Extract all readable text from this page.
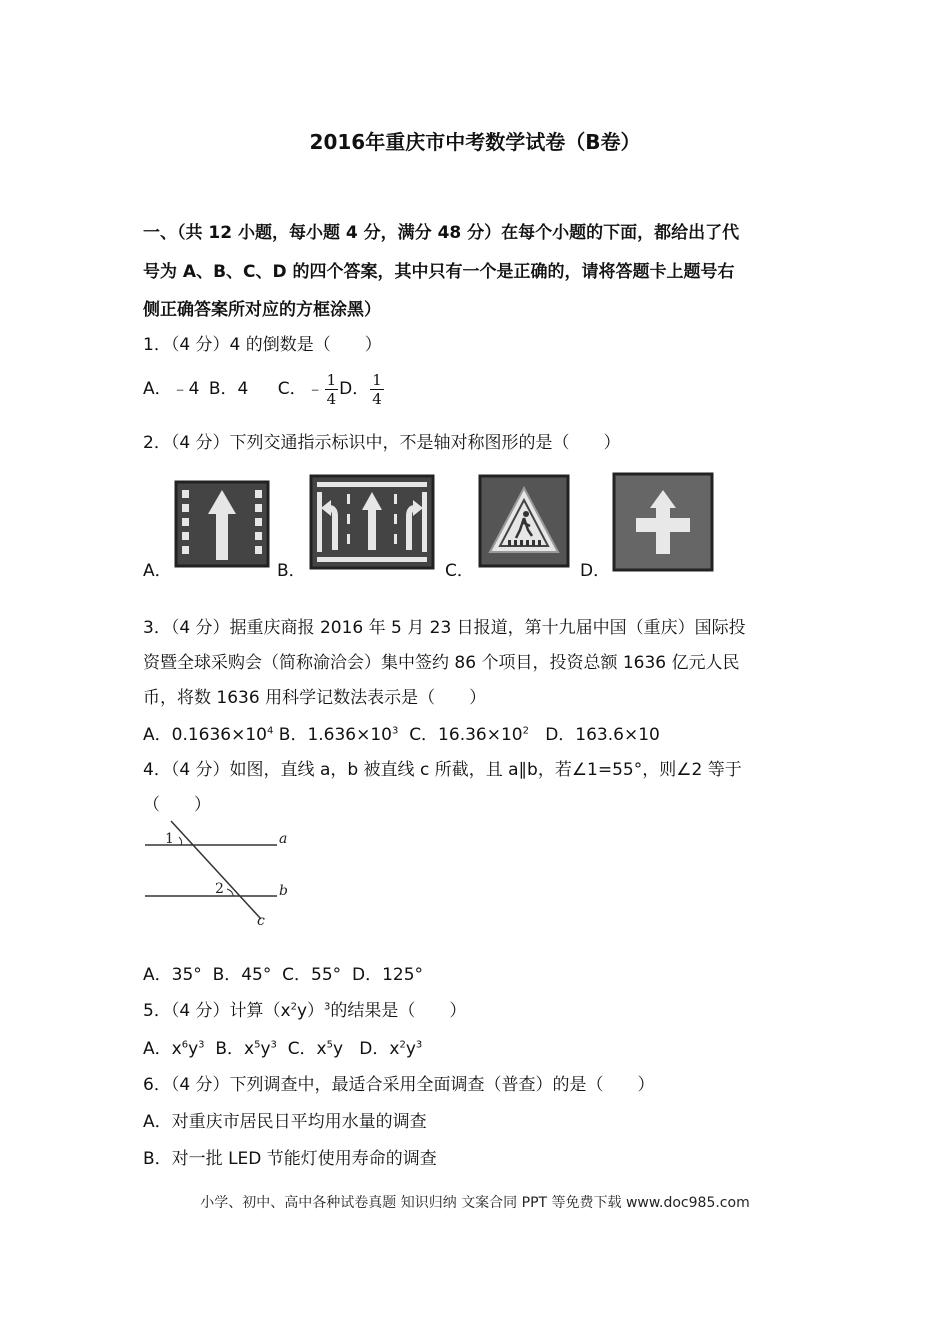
2016年重庆市中考数学试卷（B卷）
一、（共 12 小题，每小题 4 分，满分 48 分）在每个小题的下面，都给出了代
号为 A、B、C、D 的四个答案，其中只有一个是正确的，请将答题卡上题号右
侧正确答案所对应的方框涂黑）
1．（4 分）4 的倒数是（　　）
A．﹣4 B．4 C．﹣ $\frac{1}{4}$ D． $\frac{1}{4}$
2．（4 分）下列交通指示标识中，不是轴对称图形的是（　　）
A．	B．	C．	D．
3．（4 分）据重庆商报 2016 年 5 月 23 日报道，第十九届中国（重庆）国际投
资暨全球采购会（简称渝洽会）集中签约 86 个项目，投资总额 1636 亿元人民
币，将数 1636 用科学记数法表示是（　　）
A．$0.1636\times 10^4$ B．$1.636\times 10^3$ C．$16.36\times 10^2$ D．163.6×10
4．（4 分）如图，直线 a，b 被直线 c 所截，且 a∥b，若∠1=55°，则∠2 等于
（　　）
1
2
a
b
c
A．35°  B．45°  C．55°  D．125°
5．（4 分）计算$(x^2y)^3$的结果是（　　）
A．$x^6y^3$ B．$x^5y^3$ C．$x^5y$ D．$x^2y^3$
6．（4 分）下列调查中，最适合采用全面调查（普查）的是（　　）
A．对重庆市居民日平均用水量的调查
B．对一批 LED 节能灯使用寿命的调查
小学、初中、高中各种试卷真题 知识归纳 文案合同 PPT 等免费下载 www.doc985.com
